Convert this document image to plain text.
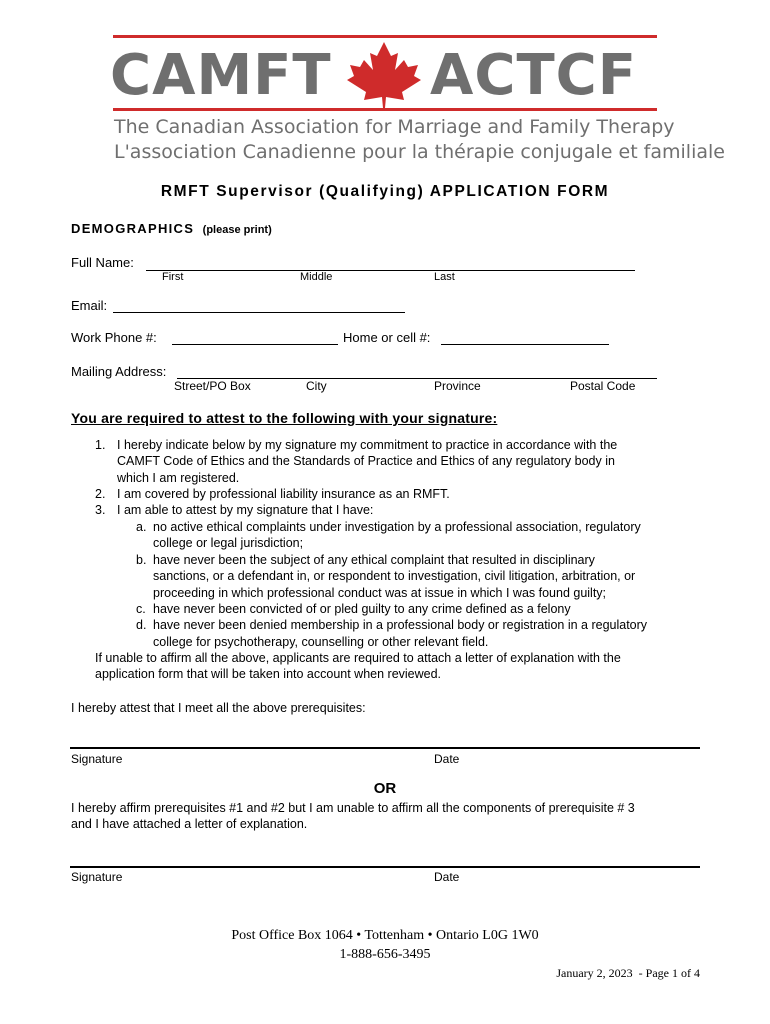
CAMFT ACTCF
The Canadian Association for Marriage and Family Therapy
L'association Canadienne pour la thérapie conjugale et familiale
RMFT Supervisor (Qualifying) APPLICATION FORM
DEMOGRAPHICS (please print)
Full Name:
First	Middle	Last
Email:
Work Phone #:	Home or cell #:
Mailing Address:
Street/PO Box	City	Province	Postal Code
You are required to attest to the following with your signature:
1. I hereby indicate below by my signature my commitment to practice in accordance with the
CAMFT Code of Ethics and the Standards of Practice and Ethics of any regulatory body in
which I am registered.
2. I am covered by professional liability insurance as an RMFT.
3. I am able to attest by my signature that I have:
a. no active ethical complaints under investigation by a professional association, regulatory
college or legal jurisdiction;
b. have never been the subject of any ethical complaint that resulted in disciplinary
sanctions, or a defendant in, or respondent to investigation, civil litigation, arbitration, or
proceeding in which professional conduct was at issue in which I was found guilty;
c. have never been convicted of or pled guilty to any crime defined as a felony
d. have never been denied membership in a professional body or registration in a regulatory
college for psychotherapy, counselling or other relevant field.
If unable to affirm all the above, applicants are required to attach a letter of explanation with the
application form that will be taken into account when reviewed.
I hereby attest that I meet all the above prerequisites:
Signature	Date
OR
I hereby affirm prerequisites #1 and #2 but I am unable to affirm all the components of prerequisite # 3
and I have attached a letter of explanation.
Signature	Date
Post Office Box 1064 • Tottenham • Ontario L0G 1W0
1-888-656-3495
January 2, 2023  - Page 1 of 4
